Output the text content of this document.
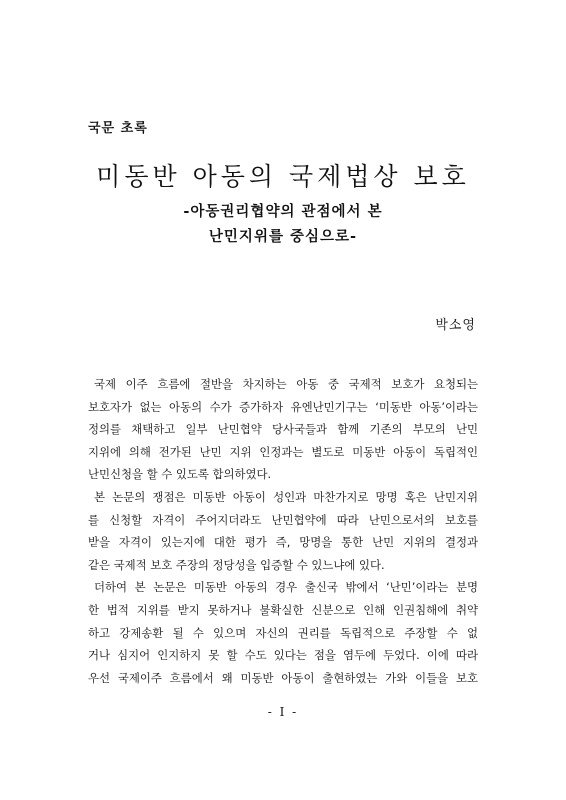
국문 초록
미동반 아동의 국제법상 보호
-아동권리협약의 관점에서 본
난민지위를 중심으로-
박소영
국제 이주 흐름에 절반을 차지하는 아동 중 국제적 보호가 요청되는
보호자가 없는 아동의 수가 증가하자 유엔난민기구는 ‘미동반 아동’이라는
정의를 채택하고 일부 난민협약 당사국들과 함께 기존의 부모의 난민
지위에 의해 전가된 난민 지위 인정과는 별도로 미동반 아동이 독립적인
난민신청을 할 수 있도록 합의하였다.
본 논문의 쟁점은 미동반 아동이 성인과 마찬가지로 망명 혹은 난민지위
를 신청할 자격이 주어지더라도 난민협약에 따라 난민으로서의 보호를
받을 자격이 있는지에 대한 평가 즉, 망명을 통한 난민 지위의 결정과
같은 국제적 보호 주장의 정당성을 입증할 수 있느냐에 있다.
더하여 본 논문은 미동반 아동의 경우 출신국 밖에서 ‘난민’이라는 분명
한 법적 지위를 받지 못하거나 불확실한 신분으로 인해 인권침해에 취약
하고 강제송환 될 수 있으며 자신의 권리를 독립적으로 주장할 수 없
거나 심지어 인지하지 못 할 수도 있다는 점을 염두에 두었다. 이에 따라
우선 국제이주 흐름에서 왜 미동반 아동이 출현하였는 가와 이들을 보호
- I -
